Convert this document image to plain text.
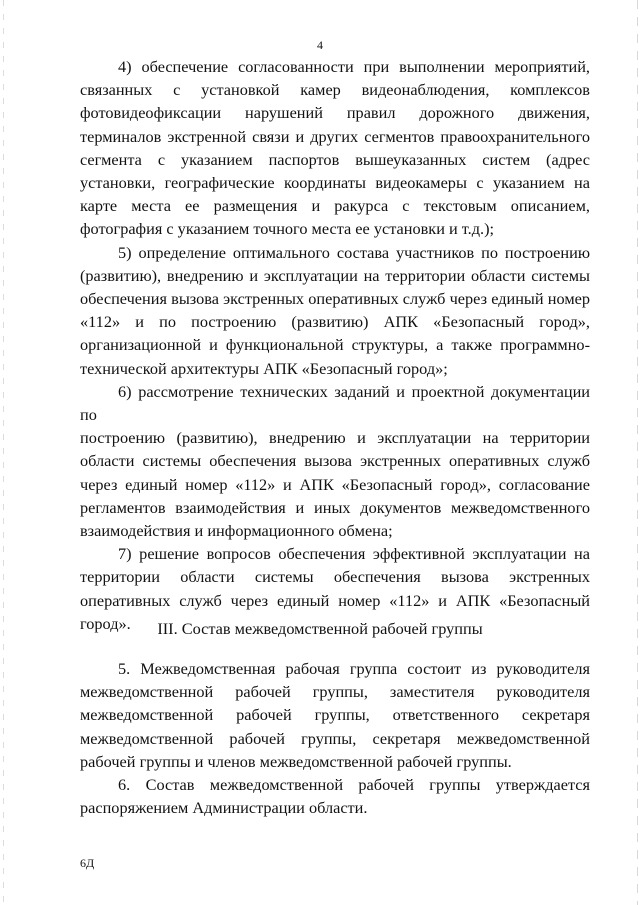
4
4) обеспечение согласованности при выполнении мероприятий,
связанных с установкой камер видеонаблюдения, комплексов
фотовидеофиксации нарушений правил дорожного движения,
терминалов экстренной связи и других сегментов правоохранительного
сегмента с указанием паспортов вышеуказанных систем (адрес
установки, географические координаты видеокамеры с указанием на
карте места ее размещения и ракурса с текстовым описанием,
фотография с указанием точного места ее установки и т.д.);
5) определение оптимального состава участников по построению
(развитию), внедрению и эксплуатации на территории области системы
обеспечения вызова экстренных оперативных служб через единый номер
«112» и по построению (развитию) АПК «Безопасный город»,
организационной и функциональной структуры, а также программно-
технической архитектуры АПК «Безопасный город»;
6) рассмотрение технических заданий и проектной документации по
построению (развитию), внедрению и эксплуатации на территории
области системы обеспечения вызова экстренных оперативных служб
через единый номер «112» и АПК «Безопасный город», согласование
регламентов взаимодействия и иных документов межведомственного
взаимодействия и информационного обмена;
7) решение вопросов обеспечения эффективной эксплуатации на
территории области системы обеспечения вызова экстренных
оперативных служб через единый номер «112» и АПК «Безопасный
город».	III. Состав межведомственной рабочей группы
5. Межведомственная рабочая группа состоит из руководителя
межведомственной рабочей группы, заместителя руководителя
межведомственной рабочей группы, ответственного секретаря
межведомственной рабочей группы, секретаря межведомственной
рабочей группы и членов межведомственной рабочей группы.
6. Состав межведомственной рабочей группы утверждается
распоряжением Администрации области.
6Д
